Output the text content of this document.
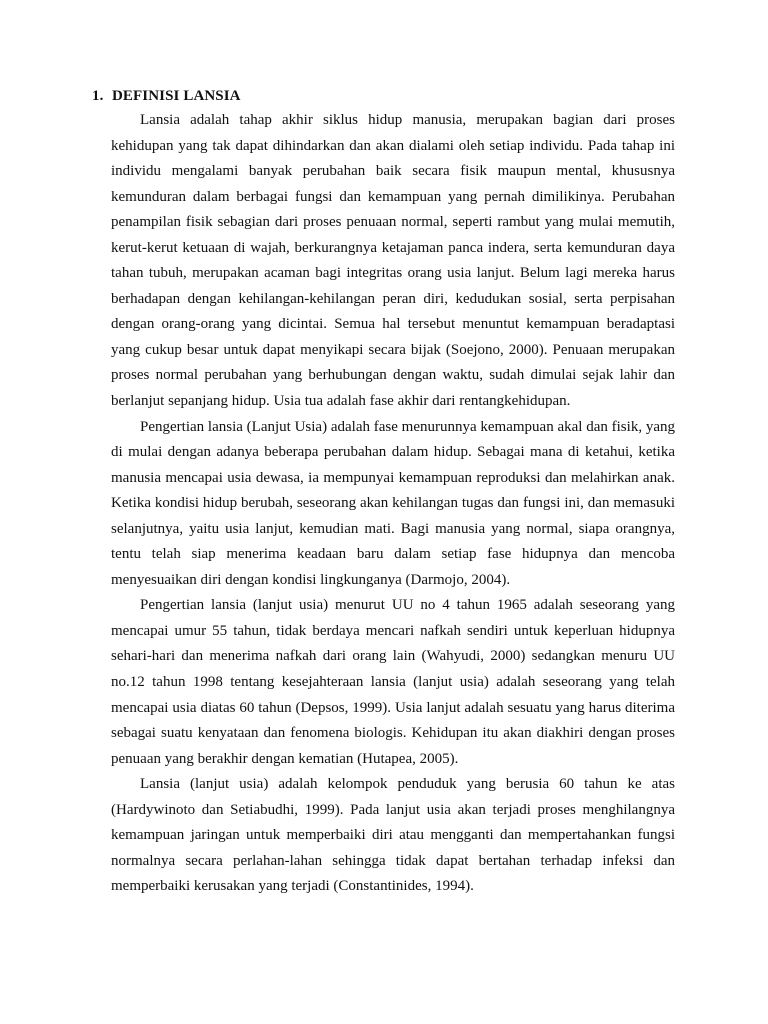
1. DEFINISI LANSIA

Lansia adalah tahap akhir siklus hidup manusia, merupakan bagian dari proses kehidupan yang tak dapat dihindarkan dan akan dialami oleh setiap individu. Pada tahap ini individu mengalami banyak perubahan baik secara fisik maupun mental, khususnya kemunduran dalam berbagai fungsi dan kemampuan yang pernah dimilikinya. Perubahan penampilan fisik sebagian dari proses penuaan normal, seperti rambut yang mulai memutih, kerut-kerut ketuaan di wajah, berkurangnya ketajaman panca indera, serta kemunduran daya tahan tubuh, merupakan acaman bagi integritas orang usia lanjut. Belum lagi mereka harus berhadapan dengan kehilangan-kehilangan peran diri, kedudukan sosial, serta perpisahan dengan orang-orang yang dicintai. Semua hal tersebut menuntut kemampuan beradaptasi yang cukup besar untuk dapat menyikapi secara bijak (Soejono, 2000). Penuaan merupakan proses normal perubahan yang berhubungan dengan waktu, sudah dimulai sejak lahir dan berlanjut sepanjang hidup. Usia tua adalah fase akhir dari rentangkehidupan.

Pengertian lansia (Lanjut Usia) adalah fase menurunnya kemampuan akal dan fisik, yang di mulai dengan adanya beberapa perubahan dalam hidup. Sebagai mana di ketahui, ketika manusia mencapai usia dewasa, ia mempunyai kemampuan reproduksi dan melahirkan anak. Ketika kondisi hidup berubah, seseorang akan kehilangan tugas dan fungsi ini, dan memasuki selanjutnya, yaitu usia lanjut, kemudian mati. Bagi manusia yang normal, siapa orangnya, tentu telah siap menerima keadaan baru dalam setiap fase hidupnya dan mencoba menyesuaikan diri dengan kondisi lingkunganya (Darmojo, 2004).

Pengertian lansia (lanjut usia) menurut UU no 4 tahun 1965 adalah seseorang yang mencapai umur 55 tahun, tidak berdaya mencari nafkah sendiri untuk keperluan hidupnya sehari-hari dan menerima nafkah dari orang lain (Wahyudi, 2000) sedangkan menuru UU no.12 tahun 1998 tentang kesejahteraan lansia (lanjut usia) adalah seseorang yang telah mencapai usia diatas 60 tahun (Depsos, 1999). Usia lanjut adalah sesuatu yang harus diterima sebagai suatu kenyataan dan fenomena biologis. Kehidupan itu akan diakhiri dengan proses penuaan yang berakhir dengan kematian (Hutapea, 2005).

Lansia (lanjut usia) adalah kelompok penduduk yang berusia 60 tahun ke atas (Hardywinoto dan Setiabudhi, 1999). Pada lanjut usia akan terjadi proses menghilangnya kemampuan jaringan untuk memperbaiki diri atau mengganti dan mempertahankan fungsi normalnya secara perlahan-lahan sehingga tidak dapat bertahan terhadap infeksi dan memperbaiki kerusakan yang terjadi (Constantinides, 1994).
